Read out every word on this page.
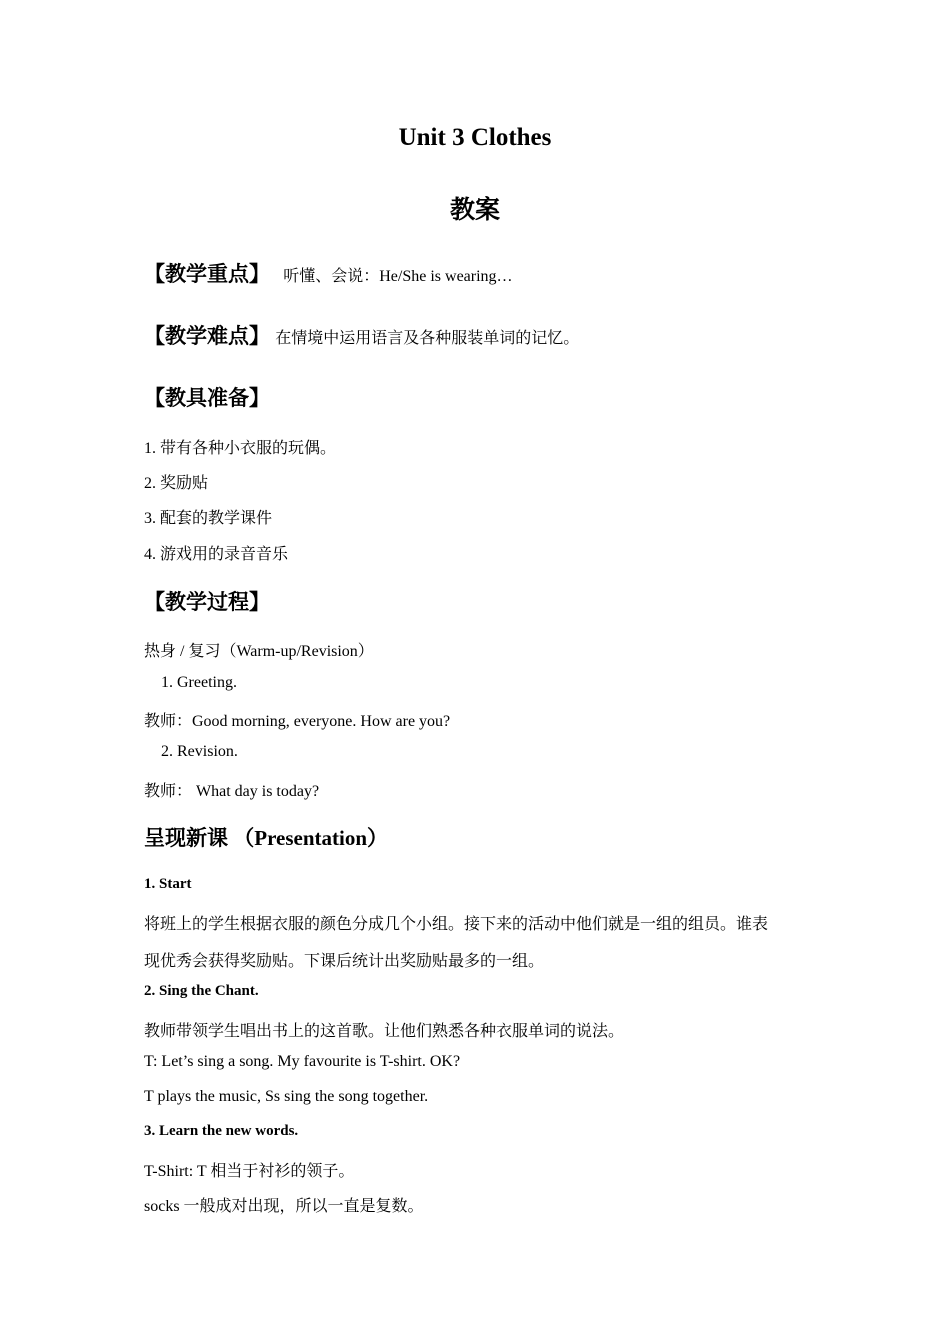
Unit 3 Clothes
教案
【教学重点】 听懂、会说：He/She is wearing…
【教学难点】 在情境中运用语言及各种服装单词的记忆。
【教具准备】
1. 带有各种小衣服的玩偶。
2. 奖励贴
3. 配套的教学课件
4. 游戏用的录音音乐
【教学过程】
热身 / 复习（Warm-up/Revision）
1. Greeting.
教师：Good morning, everyone. How are you?
2. Revision.
教师： What day is today?
呈现新课 （Presentation）
1. Start
将班上的学生根据衣服的颜色分成几个小组。接下来的活动中他们就是一组的组员。谁表
现优秀会获得奖励贴。下课后统计出奖励贴最多的一组。
2. Sing the Chant.
教师带领学生唱出书上的这首歌。让他们熟悉各种衣服单词的说法。
T: Let’s sing a song. My favourite is T-shirt. OK?
T plays the music, Ss sing the song together.
3. Learn the new words.
T-Shirt: T 相当于衬衫的领子。
socks 一般成对出现，所以一直是复数。
